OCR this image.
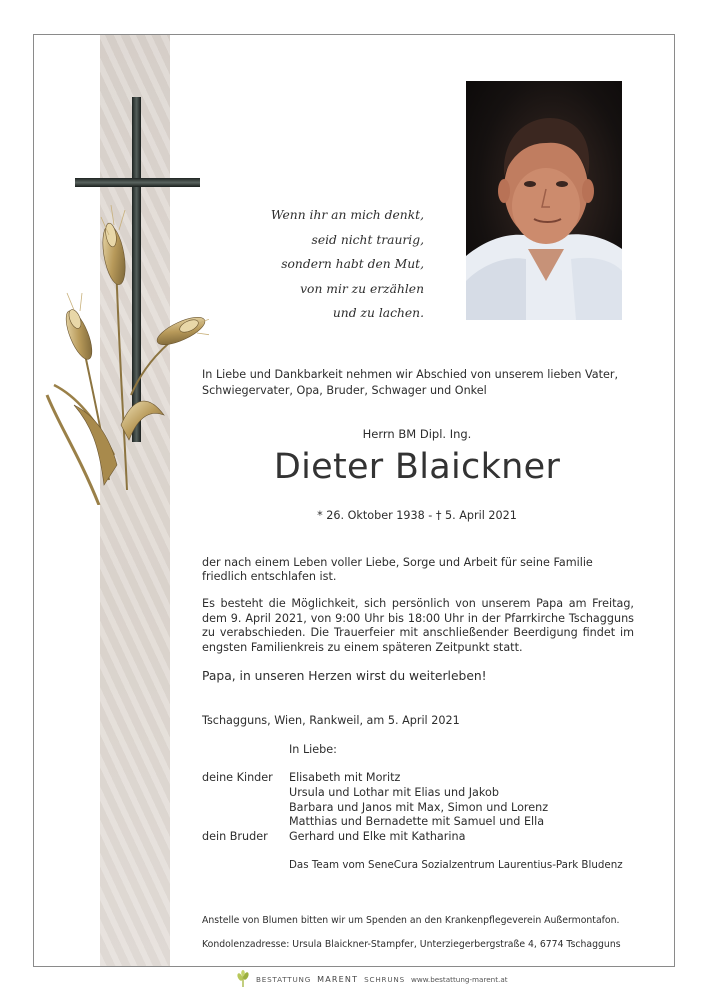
Wenn ihr an mich denkt,
seid nicht traurig,
sondern habt den Mut,
von mir zu erzählen
und zu lachen.
In Liebe und Dankbarkeit nehmen wir Abschied von unserem lieben Vater, Schwiegervater, Opa, Bruder, Schwager und Onkel
Herrn BM Dipl. Ing.
Dieter Blaickner
* 26. Oktober 1938 - † 5. April 2021
der nach einem Leben voller Liebe, Sorge und Arbeit für seine Familie friedlich entschlafen ist.
Es besteht die Möglichkeit, sich persönlich von unserem Papa am Freitag, dem 9. April 2021, von 9:00 Uhr bis 18:00 Uhr in der Pfarrkirche Tschagguns zu verabschieden. Die Trauerfeier mit anschließender Beerdigung findet im engsten Familienkreis zu einem späteren Zeitpunkt statt.
Papa, in unseren Herzen wirst du weiterleben!
Tschagguns, Wien, Rankweil, am 5. April 2021
In Liebe:
deine Kinder Elisabeth mit Moritz
Ursula und Lothar mit Elias und Jakob
Barbara und Janos mit Max, Simon und Lorenz
Matthias und Bernadette mit Samuel und Ella
dein Bruder Gerhard und Elke mit Katharina
Das Team vom SeneCura Sozialzentrum Laurentius-Park Bludenz
Anstelle von Blumen bitten wir um Spenden an den Krankenpflegeverein Außermontafon.
Kondolenzadresse: Ursula Blaickner-Stampfer, Unterziegerbergstraße 4, 6774 Tschagguns
BESTATTUNG MARENT SCHRUNS www.bestattung-marent.at
